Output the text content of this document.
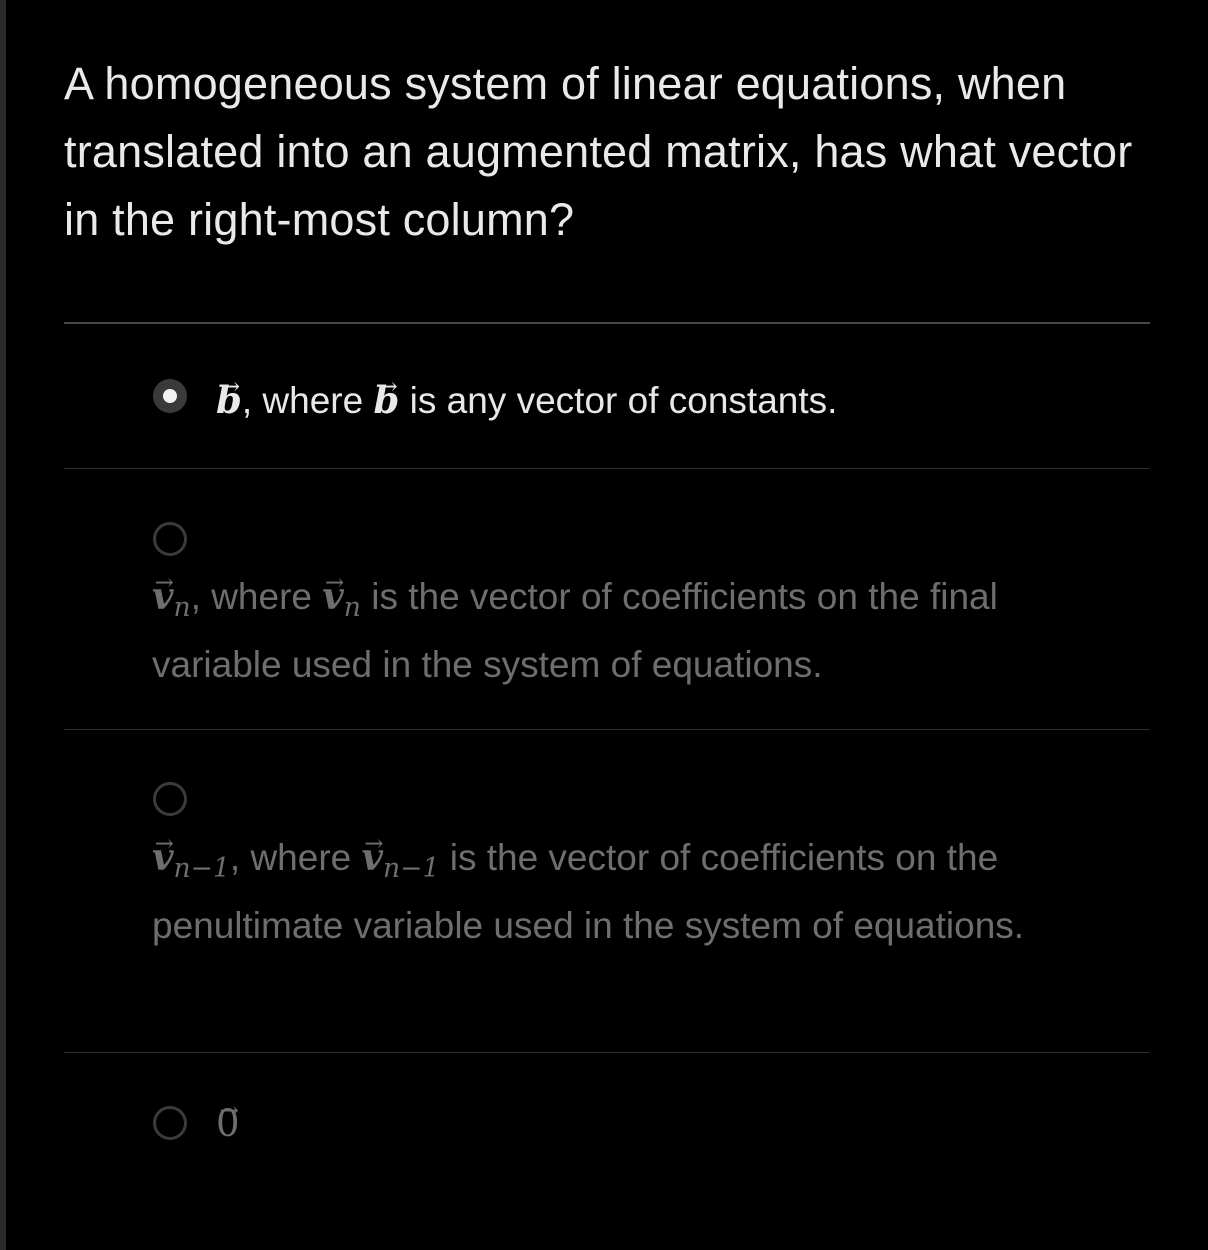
A homogeneous system of linear equations, when translated into an augmented matrix, has what vector in the right-most column?
→ b, where → b is any vector of constants.
→ $v_n$, where → $v_n$ is the vector of coefficients on the final variable used in the system of equations.
→ $v_{n-1}$, where → $v_{n-1}$ is the vector of coefficients on the penultimate variable used in the system of equations.
→ 0
